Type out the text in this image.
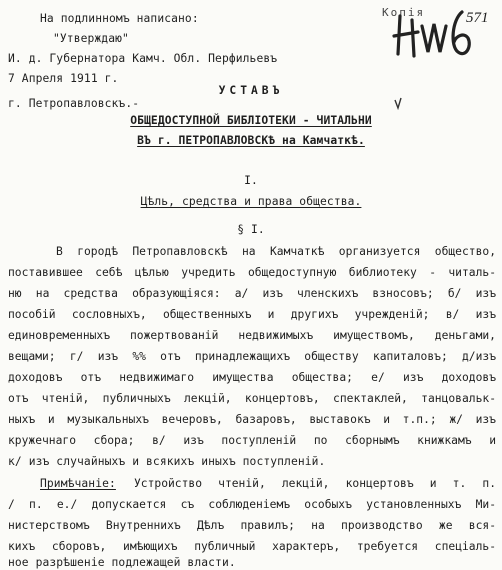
Копія	571
На подлинномъ написано:
"Утверждаю"
И. д. Губернатора Камч. Обл. Перфильевъ
7 Апреля 1911 г.
УСТАВЪ
г. Петропавловскъ.-
ОБЩЕДОСТУПНОЙ БИБЛІОТЕКИ - ЧИТАЛЬНИ
ВЪ г. ПЕТРОПАВЛОВСКѢ на Камчаткѣ.
I.
Цѣль, средства и права общества.
§ I.
В городѣ Петропавловскѣ на Камчаткѣ организуется общество,
поставившее себѣ цѣлью учредить общедоступную библиотеку - читаль-
ню на средства образующiяся: а/ изъ членскихъ взносовъ; б/ изъ
пособій сословныхъ, общественныхъ и другихъ учрежденій; в/ изъ
единовременныхъ пожертвованій недвижимыхъ имуществомъ, деньгами,
вещами; г/ изъ %% отъ принадлежащихъ обществу капиталовъ; д/изъ
доходовъ отъ недвижимаго имущества общества; е/ изъ доходовъ
отъ чтеній, публичныхъ лекцій, концертовъ, спектаклей, танцовальк-
ныхъ и музыкальныхъ вечеровъ, базаровъ, выставокъ и т.п.; ж/ изъ
кружечнаго сбора; в/ изъ поступленій по сборнымъ книжкамъ и
к/ изъ случайныхъ и всякихъ иныхъ поступленій.
Примѣчаніе: Устройство чтеній, лекцій, концертовъ и т. п.
/ п. е./ допускается съ соблюденіемъ особыхъ установленныхъ Ми-
нистерствомъ Внутреннихъ Дѣлъ правилъ; на производство же вся-
кихъ сборовъ, имѣющихъ публичный характеръ, требуется спеціаль-
ное разрѣшеніе подлежащей власти.
